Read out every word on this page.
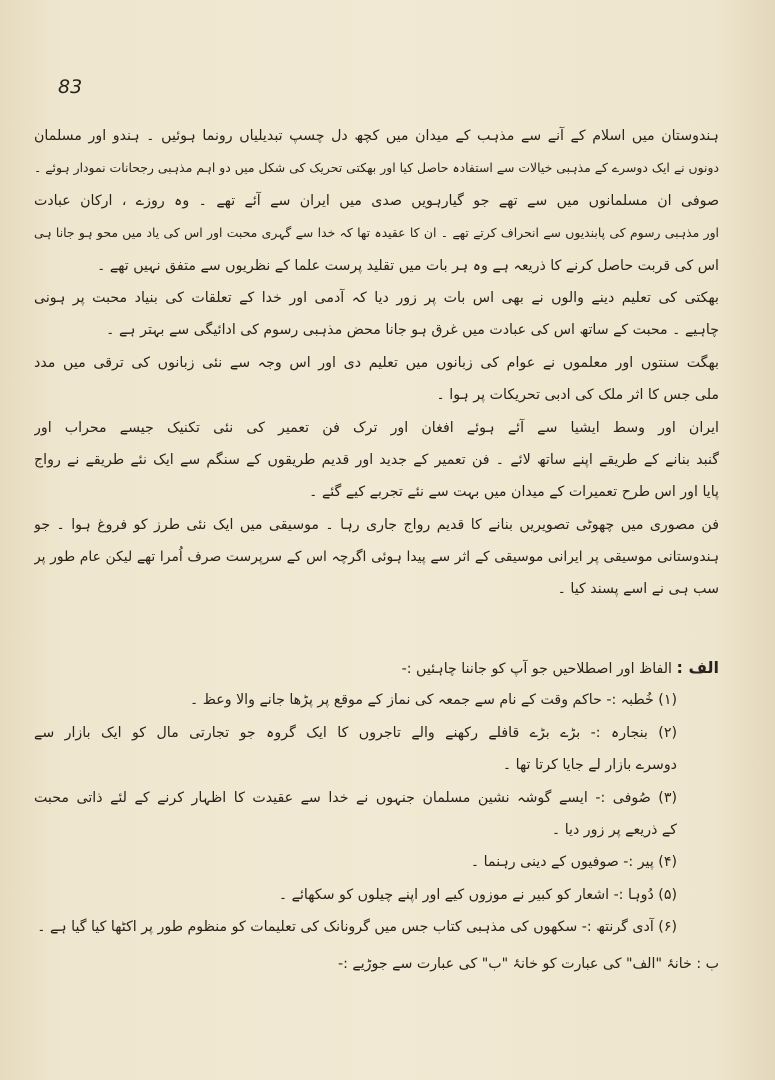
83
ہندوستان میں اسلام کے آنے سے مذہب کے میدان میں کچھ دل چسپ تبدیلیاں رونما ہوئیں ۔ ہندو اور مسلمان
دونوں نے ایک دوسرے کے مذہبی خیالات سے استفادہ حاصل کیا اور بھکتی تحریک کی شکل میں دو اہم مذہبی رجحانات نمودار ہوئے ۔
صوفی ان مسلمانوں میں سے تھے جو گیارہویں صدی میں ایران سے آئے تھے ۔ وہ روزے ، ارکان عبادت
اور مذہبی رسوم کی پابندیوں سے انحراف کرتے تھے ۔ ان کا عقیدہ تھا کہ خدا سے گہری محبت اور اس کی یاد میں محو ہو جانا ہی
اس کی قربت حاصل کرنے کا ذریعہ ہے وہ ہر بات میں تقلید پرست علما کے نظریوں سے متفق نہیں تھے ۔
بھکتی کی تعلیم دینے والوں نے بھی اس بات پر زور دیا کہ آدمی اور خدا کے تعلقات کی بنیاد محبت پر ہونی
چاہیے ۔ محبت کے ساتھ اس کی عبادت میں غرق ہو جانا محض مذہبی رسوم کی ادائیگی سے بہتر ہے ۔
بھگت سنتوں اور معلموں نے عوام کی زبانوں میں تعلیم دی اور اس وجہ سے نئی زبانوں کی ترقی میں مدد
ملی جس کا اثر ملک کی ادبی تحریکات پر ہوا ۔
ایران اور وسط ایشیا سے آئے ہوئے افغان اور ترک فن تعمیر کی نئی تکنیک جیسے محراب اور
گنبد بنانے کے طریقے اپنے ساتھ لائے ۔ فن تعمیر کے جدید اور قدیم طریقوں کے سنگم سے ایک نئے طریقے نے رواج
پایا اور اس طرح تعمیرات کے میدان میں بہت سے نئے تجربے کیے گئے ۔
فن مصوری میں چھوٹی تصویریں بنانے کا قدیم رواج جاری رہا ۔ موسیقی میں ایک نئی طرز کو فروغ ہوا ۔ جو
ہندوستانی موسیقی پر ایرانی موسیقی کے اثر سے پیدا ہوئی اگرچہ اس کے سرپرست صرف اُمرا تھے لیکن عام طور پر
سب ہی نے اسے پسند کیا ۔
الف : الفاظ اور اصطلاحیں جو آپ کو جاننا چاہئیں :-
(۱) خُطبہ :- حاکم وقت کے نام سے جمعہ کی نماز کے موقع پر پڑھا جانے والا وعظ ۔
(۲) بنجارہ :- بڑے بڑے قافلے رکھنے والے تاجروں کا ایک گروہ جو تجارتی مال کو ایک بازار سے
دوسرے بازار لے جایا کرتا تھا ۔
(۳) صُوفی :- ایسے گوشہ نشین مسلمان جنہوں نے خدا سے عقیدت کا اظہار کرنے کے لئے ذاتی محبت
کے ذریعے پر زور دیا ۔
(۴) پیر :- صوفیوں کے دینی رہنما ۔
(۵) دُوہا :- اشعار کو کبیر نے موزوں کیے اور اپنے چیلوں کو سکھائے ۔
(۶) آدی گرنتھ :- سکھوں کی مذہبی کتاب جس میں گرونانک کی تعلیمات کو منظوم طور پر اکٹھا کیا گیا ہے ۔
ب : خانۂ "الف" کی عبارت کو خانۂ "ب" کی عبارت سے جوڑیے :-
